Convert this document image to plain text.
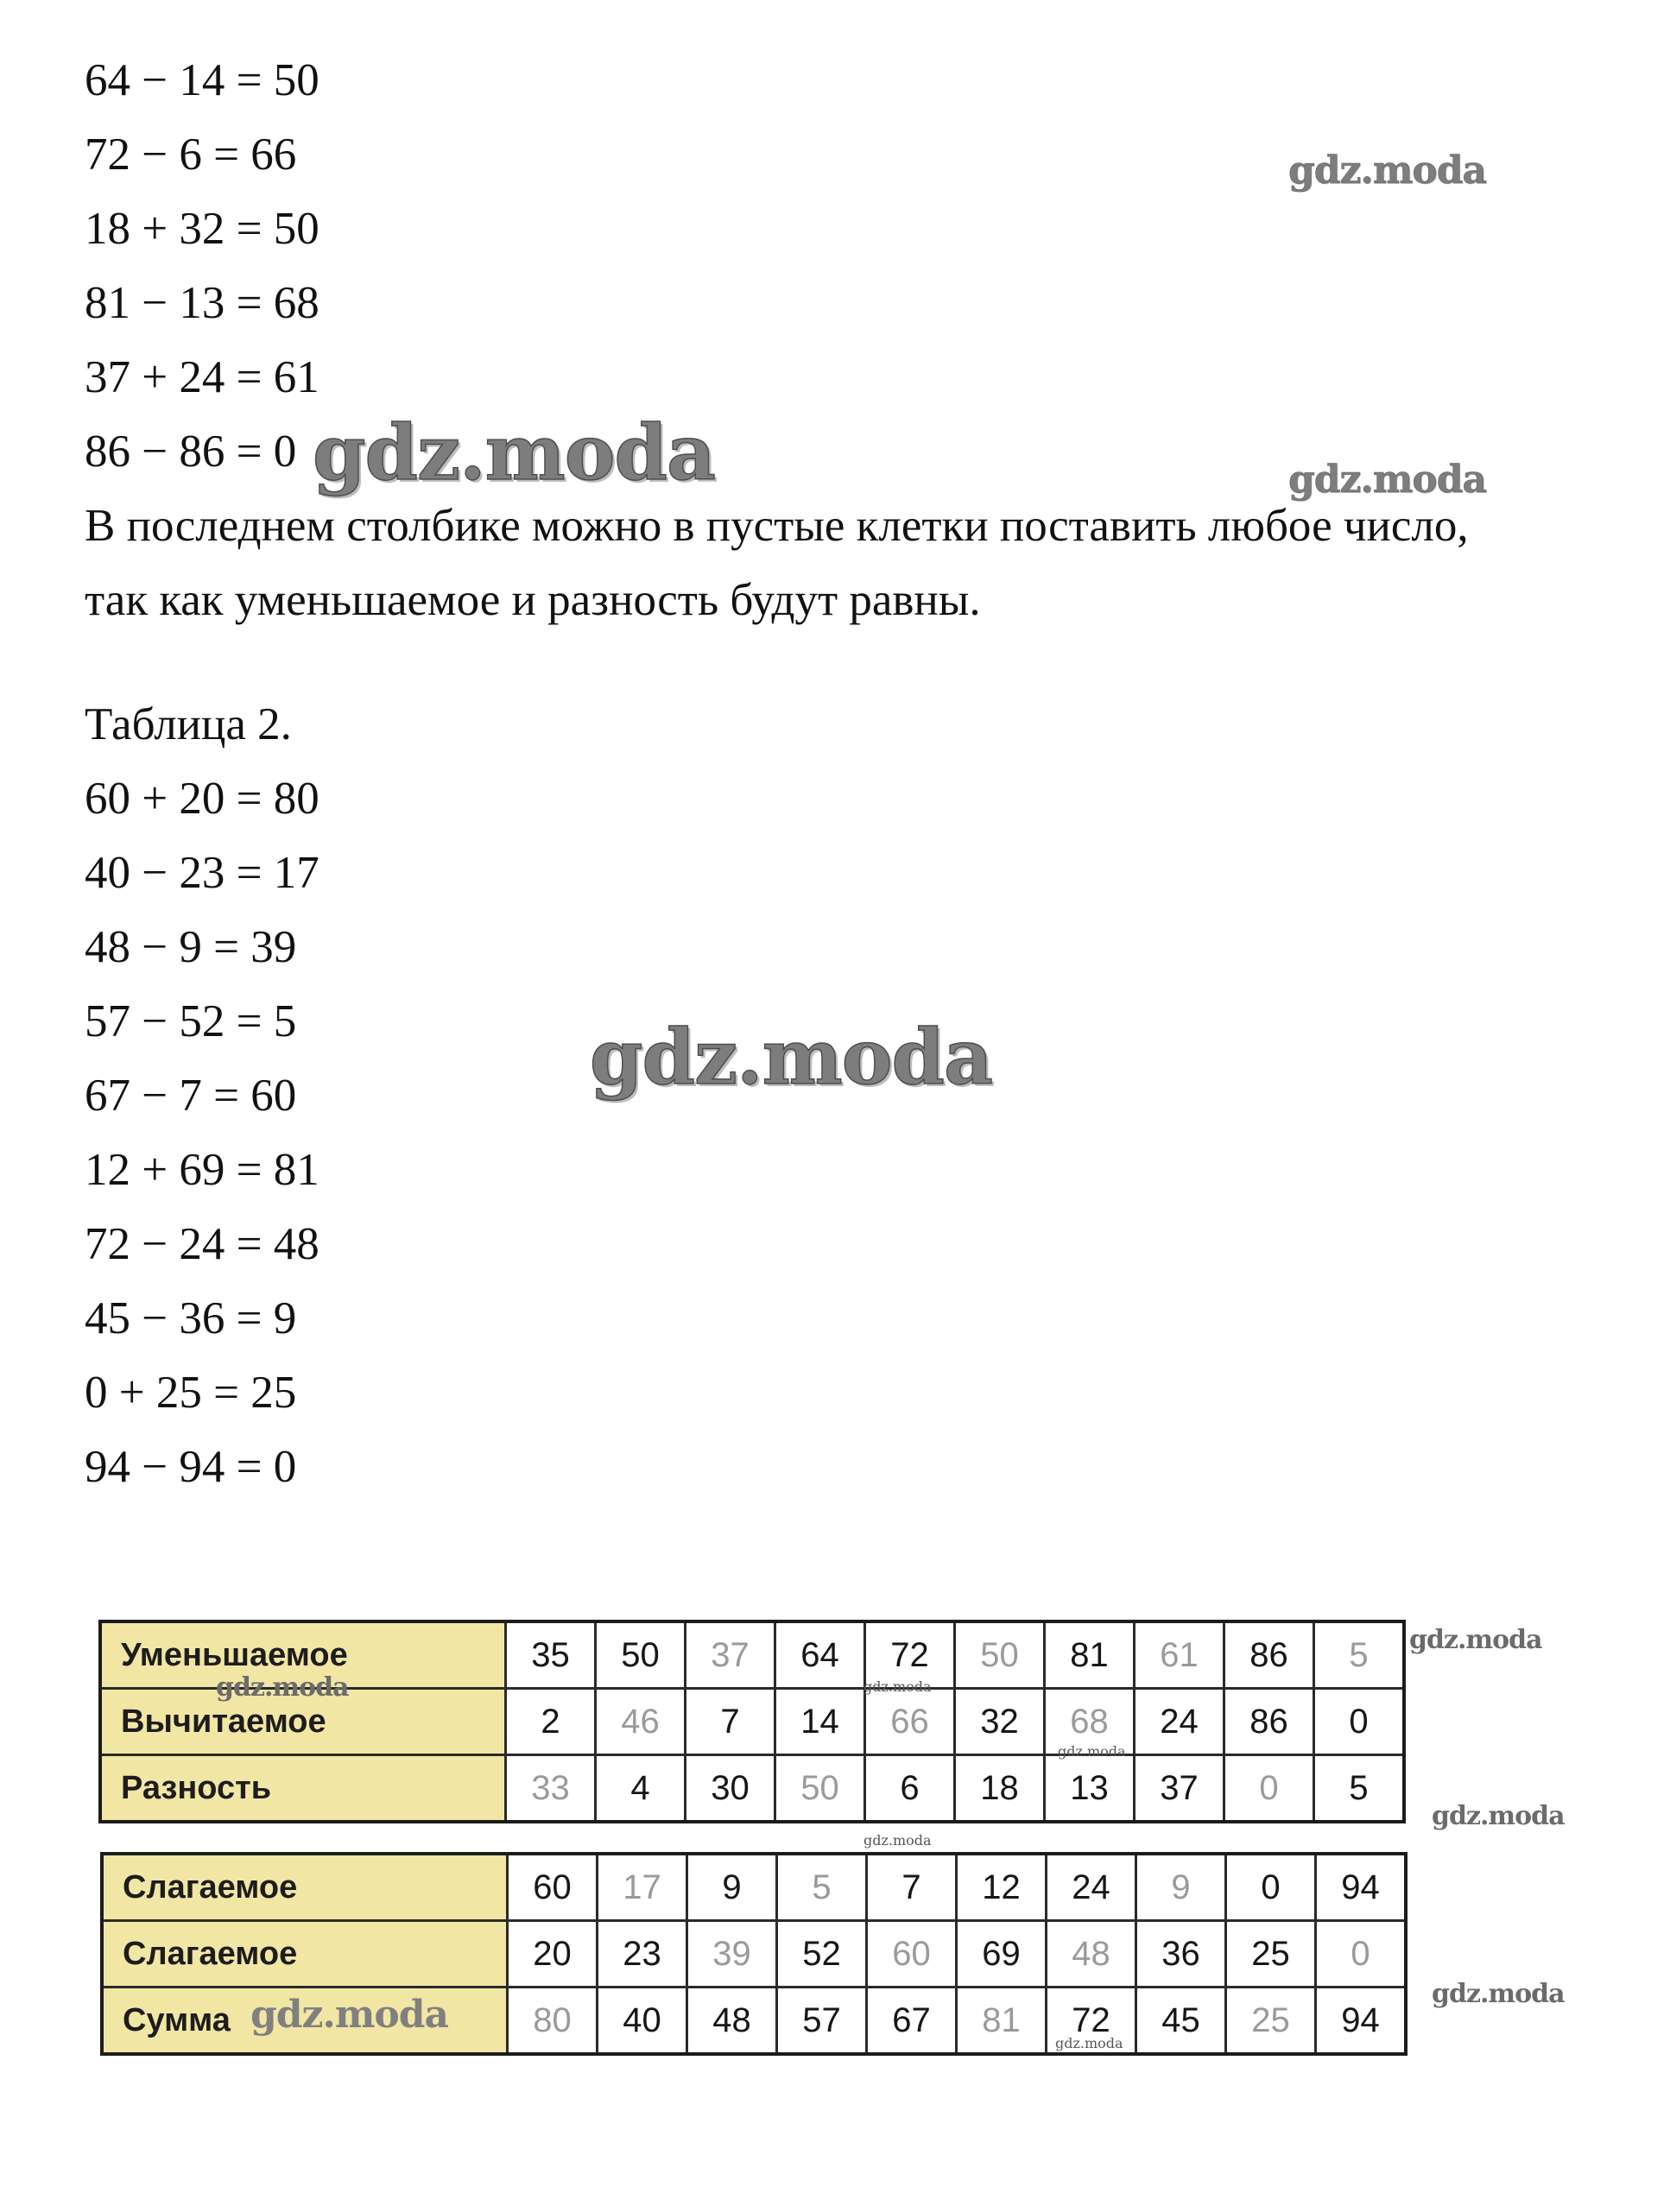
64 − 14 = 50
72 − 6 = 66
18 + 32 = 50
81 − 13 = 68
37 + 24 = 61
86 − 86 = 0
В последнем столбике можно в пустые клетки поставить любое число,
так как уменьшаемое и разность будут равны.
Таблица 2.
60 + 20 = 80
40 − 23 = 17
48 − 9 = 39
57 − 52 = 5
67 − 7 = 60
12 + 69 = 81
72 − 24 = 48
45 − 36 = 9
0 + 25 = 25
94 − 94 = 0
Уменьшаемое	35	50	37	64	72	50	81	61	86	5
Вычитаемое	2	46	7	14	66	32	68	24	86	0
Разность	33	4	30	50	6	18	13	37	0	5
Слагаемое	60	17	9	5	7	12	24	9	0	94
Слагаемое	20	23	39	52	60	69	48	36	25	0
Сумма	80	40	48	57	67	81	72	45	25	94
gdz.moda
gdz.moda	gdz.moda
gdz.moda
gdz.moda
gdz.moda	gdz.moda
gdz.moda
gdz.moda
gdz.moda
gdz.moda
gdz.moda
gdz.moda
